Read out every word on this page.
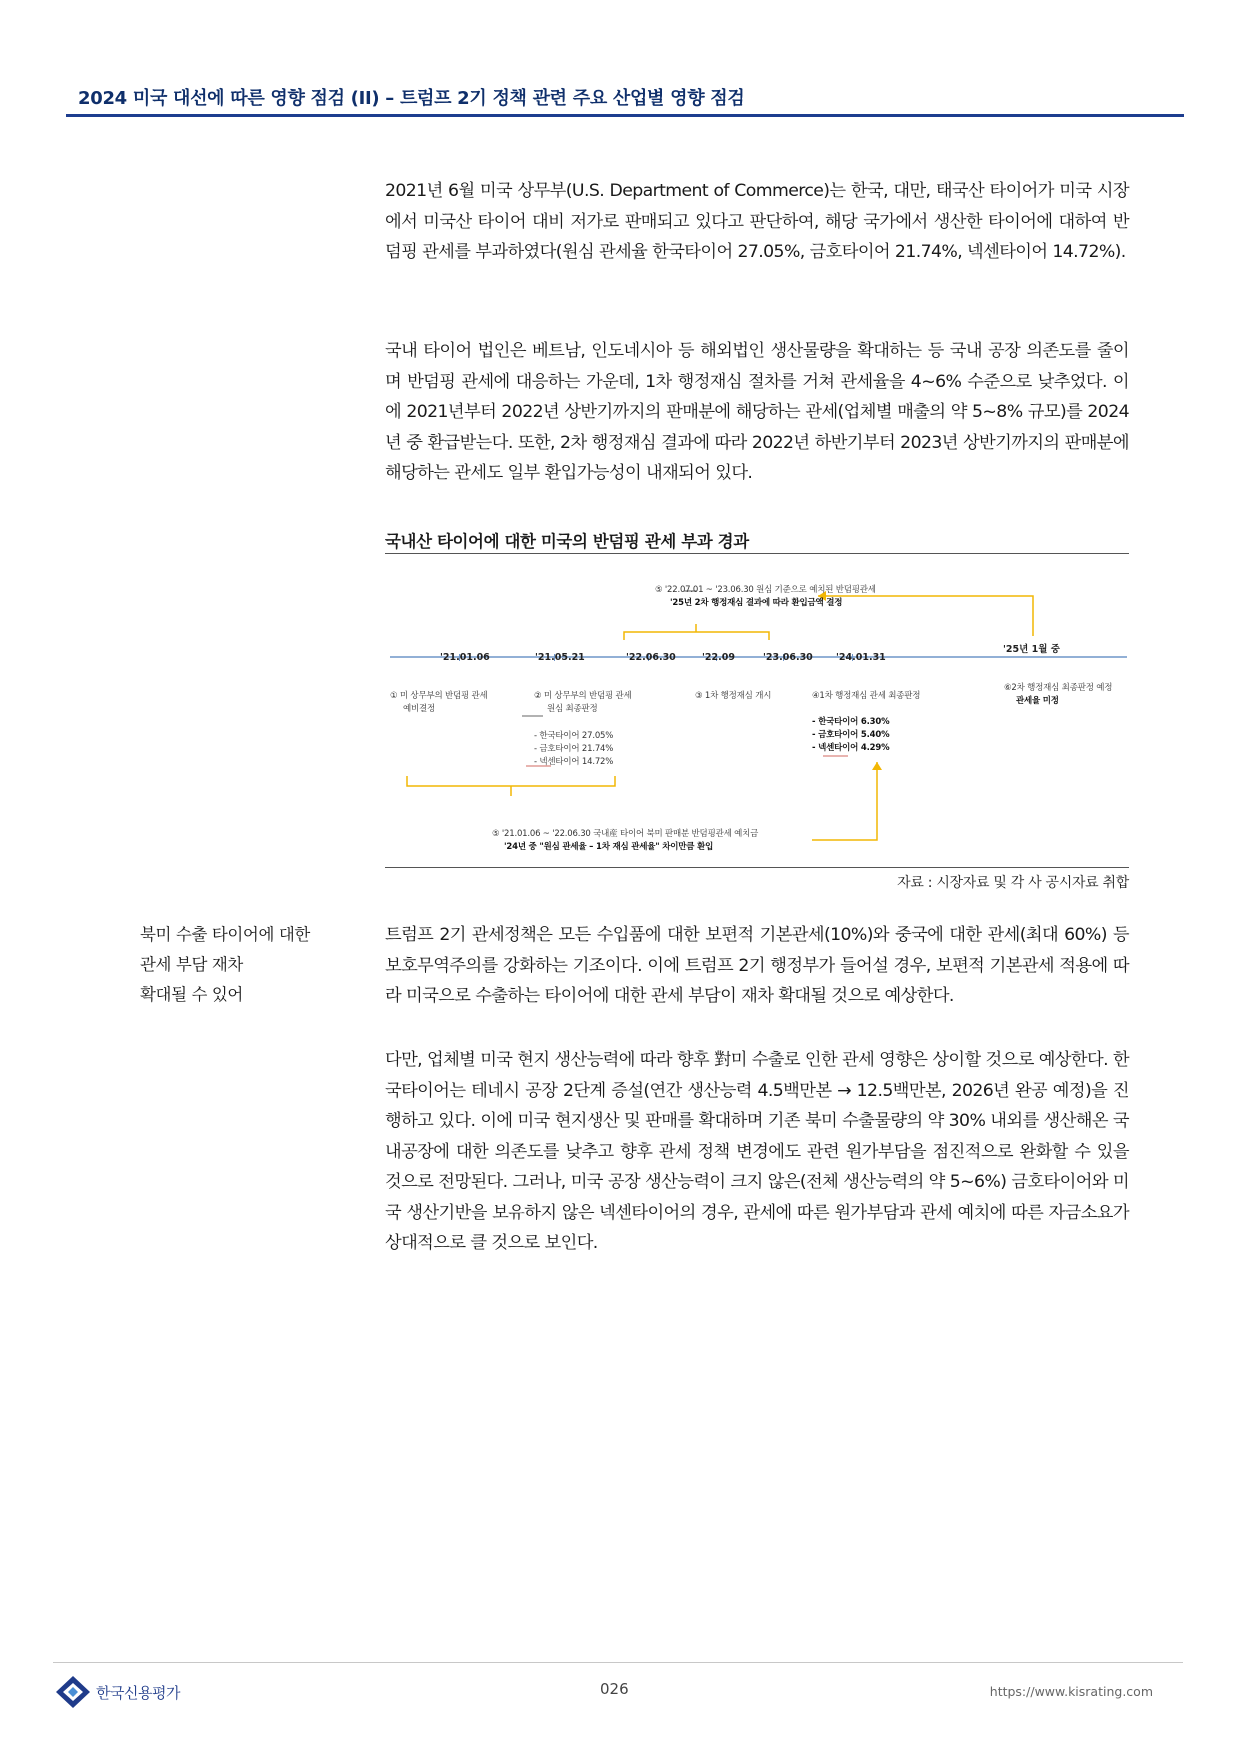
2024 미국 대선에 따른 영향 점검 (II) – 트럼프 2기 정책 관련 주요 산업별 영향 점검

2021년 6월 미국 상무부(U.S. Department of Commerce)는 한국, 대만, 태국산 타이어가 미국 시장에서 미국산 타이어 대비 저가로 판매되고 있다고 판단하여, 해당 국가에서 생산한 타이어에 대하여 반덤핑 관세를 부과하였다(원심 관세율 한국타이어 27.05%, 금호타이어 21.74%, 넥센타이어 14.72%).

국내 타이어 법인은 베트남, 인도네시아 등 해외법인 생산물량을 확대하는 등 국내 공장 의존도를 줄이며 반덤핑 관세에 대응하는 가운데, 1차 행정재심 절차를 거쳐 관세율을 4~6% 수준으로 낮추었다. 이에 2021년부터 2022년 상반기까지의 판매분에 해당하는 관세(업체별 매출의 약 5~8% 규모)를 2024년 중 환급받는다. 또한, 2차 행정재심 결과에 따라 2022년 하반기부터 2023년 상반기까지의 판매분에 해당하는 관세도 일부 환입가능성이 내재되어 있다.

국내산 타이어에 대한 미국의 반덤핑 관세 부과 경과
⑤ '22.07.01 ~ '23.06.30 원심 기준으로 예치된 반덤핑관세
'25년 2차 행정재심 결과에 따라 환입금액 결정
'21.01.06	'21.05.21	'22.06.30	'22.09	'23.06.30 '24.01.31
'25년 1월 중
① 미 상무부의 반덤핑 관세
예비결정
② 미 상무부의 반덤핑 관세
원심 최종판정
- 한국타이어 27.05%
- 금호타이어 21.74%
- 넥센타이어 14.72%
③ 1차 행정재심 개시	④1차 행정재심 관세 최종판정
- 한국타이어 6.30%
- 금호타이어 5.40%
- 넥센타이어 4.29%
⑥2차 행정재심 최종판정 예정
관세율 미정
⑤ '21.01.06 ~ '22.06.30 국내産 타이어 북미 판매분 반덤핑관세 예치금
'24년 중 "원심 관세율 – 1차 재심 관세율" 차이만큼 환입
자료 : 시장자료 및 각 사 공시자료 취합
북미 수출 타이어에 대한
관세 부담 재차
확대될 수 있어

트럼프 2기 관세정책은 모든 수입품에 대한 보편적 기본관세(10%)와 중국에 대한 관세(최대 60%) 등 보호무역주의를 강화하는 기조이다. 이에 트럼프 2기 행정부가 들어설 경우, 보편적 기본관세 적용에 따라 미국으로 수출하는 타이어에 대한 관세 부담이 재차 확대될 것으로 예상한다.

다만, 업체별 미국 현지 생산능력에 따라 향후 對미 수출로 인한 관세 영향은 상이할 것으로 예상한다. 한국타이어는 테네시 공장 2단계 증설(연간 생산능력 4.5백만본 → 12.5백만본, 2026년 완공 예정)을 진행하고 있다. 이에 미국 현지생산 및 판매를 확대하며 기존 북미 수출물량의 약 30% 내외를 생산해온 국내공장에 대한 의존도를 낮추고 향후 관세 정책 변경에도 관련 원가부담을 점진적으로 완화할 수 있을 것으로 전망된다. 그러나, 미국 공장 생산능력이 크지 않은(전체 생산능력의 약 5~6%) 금호타이어와 미국 생산기반을 보유하지 않은 넥센타이어의 경우, 관세에 따른 원가부담과 관세 예치에 따른 자금소요가 상대적으로 클 것으로 보인다.

한국신용평가	026	https://www.kisrating.com
